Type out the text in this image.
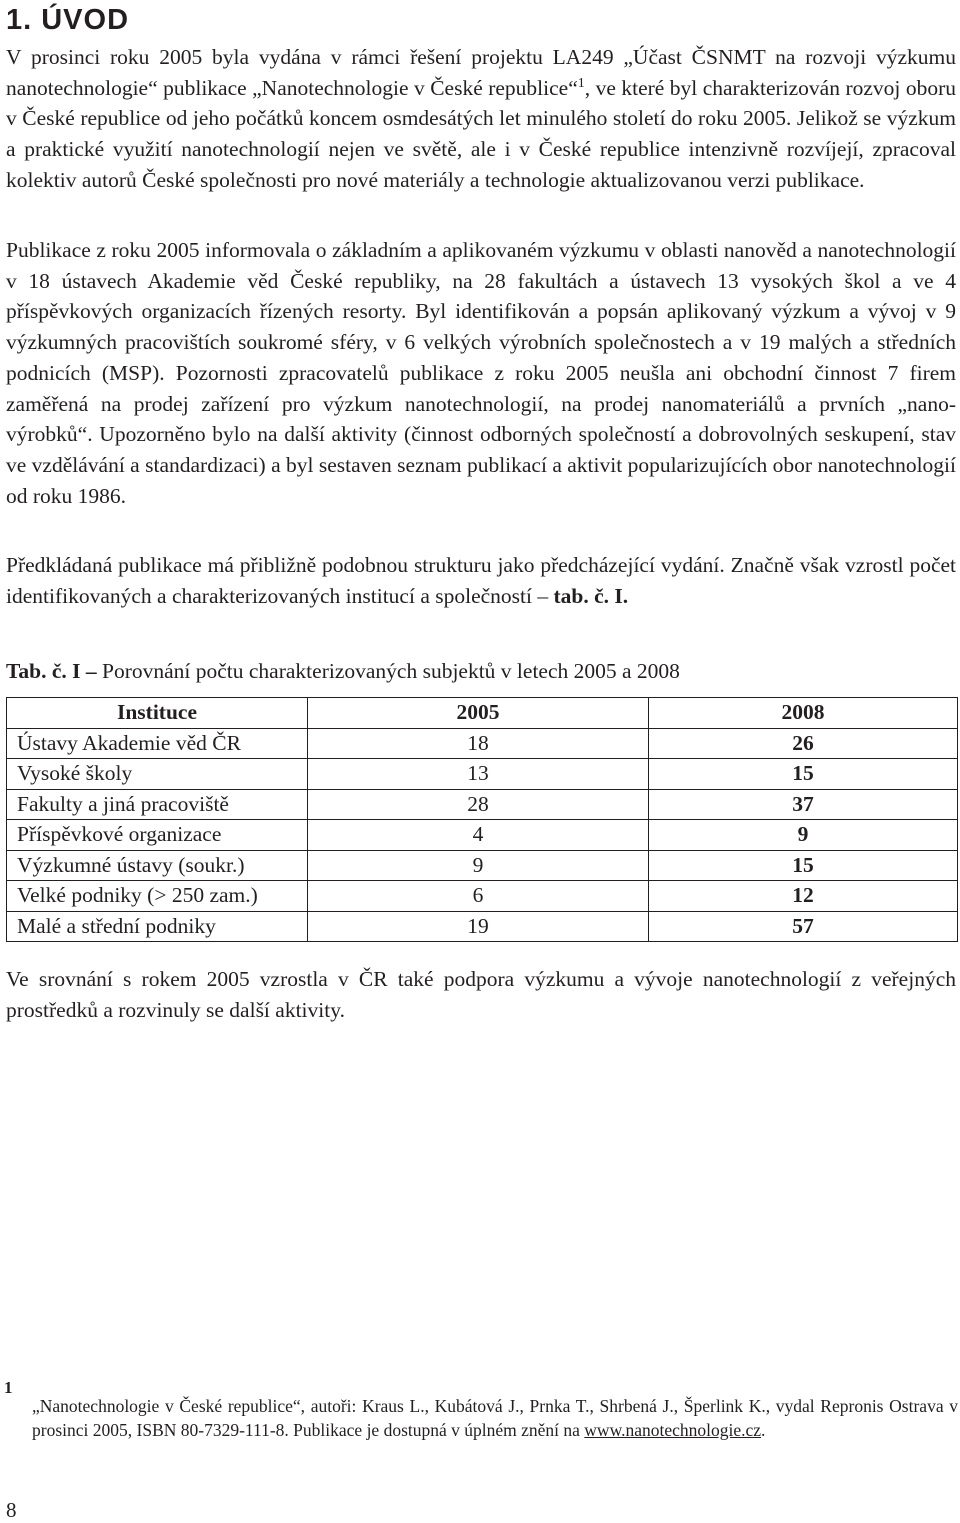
1. ÚVOD

V prosinci roku 2005 byla vydána v rámci řešení projektu LA249 „Účast ČSNMT na rozvoji výzkumu nanotechnologie“ publikace „Nanotechnologie v České republice“$^1$, ve které byl charakterizován rozvoj oboru v České republice od jeho počátků koncem osmdesátých let minulého století do roku 2005. Jelikož se výzkum a praktické využití nanotechnologií nejen ve světě, ale i v České republice intenzivně rozvíjejí, zpracoval kolektiv autorů České společnosti pro nové materiály a technologie aktualizovanou verzi publikace.

Publikace z roku 2005 informovala o základním a aplikovaném výzkumu v oblasti nanověd a nanotechnologií v 18 ústavech Akademie věd České republiky, na 28 fakultách a ústavech 13 vysokých škol a ve 4 příspěvkových organizacích řízených resorty. Byl identifikován a popsán aplikovaný výzkum a vývoj v 9 výzkumných pracovištích soukromé sféry, v 6 velkých výrobních společnostech a v 19 malých a středních podnicích (MSP). Pozornosti zpracovatelů publikace z roku 2005 neušla ani obchodní činnost 7 firem zaměřená na prodej zařízení pro výzkum nanotechnologií, na prodej nanomateriálů a prvních „nano-výrobků“. Upozorněno bylo na další aktivity (činnost odborných společností a dobrovolných seskupení, stav ve vzdělávání a standardizaci) a byl sestaven seznam publikací a aktivit popularizujících obor nanotechnologií od roku 1986.

Předkládaná publikace má přibližně podobnou strukturu jako předcházející vydání. Značně však vzrostl počet identifikovaných a charakterizovaných institucí a společností – tab. č. I.

Tab. č. I – Porovnání počtu charakterizovaných subjektů v letech 2005 a 2008

Instituce	2005	2008
Ústavy Akademie věd ČR	18	26
Vysoké školy	13	15
Fakulty a jiná pracoviště	28	37
Příspěvkové organizace	4	9
Výzkumné ústavy (soukr.)	9	15
Velké podniky (> 250 zam.)	6	12
Malé a střední podniky	19	57

Ve srovnání s rokem 2005 vzrostla v ČR také podpora výzkumu a vývoje nanotechnologií z veřejných prostředků a rozvinuly se další aktivity.

1

„Nanotechnologie v České republice“, autoři: Kraus L., Kubátová J., Prnka T., Shrbená J., Šperlink K., vydal Repronis Ostrava v prosinci 2005, ISBN 80-7329-111-8. Publikace je dostupná v úplném znění na www.nanotechnologie.cz.

8
